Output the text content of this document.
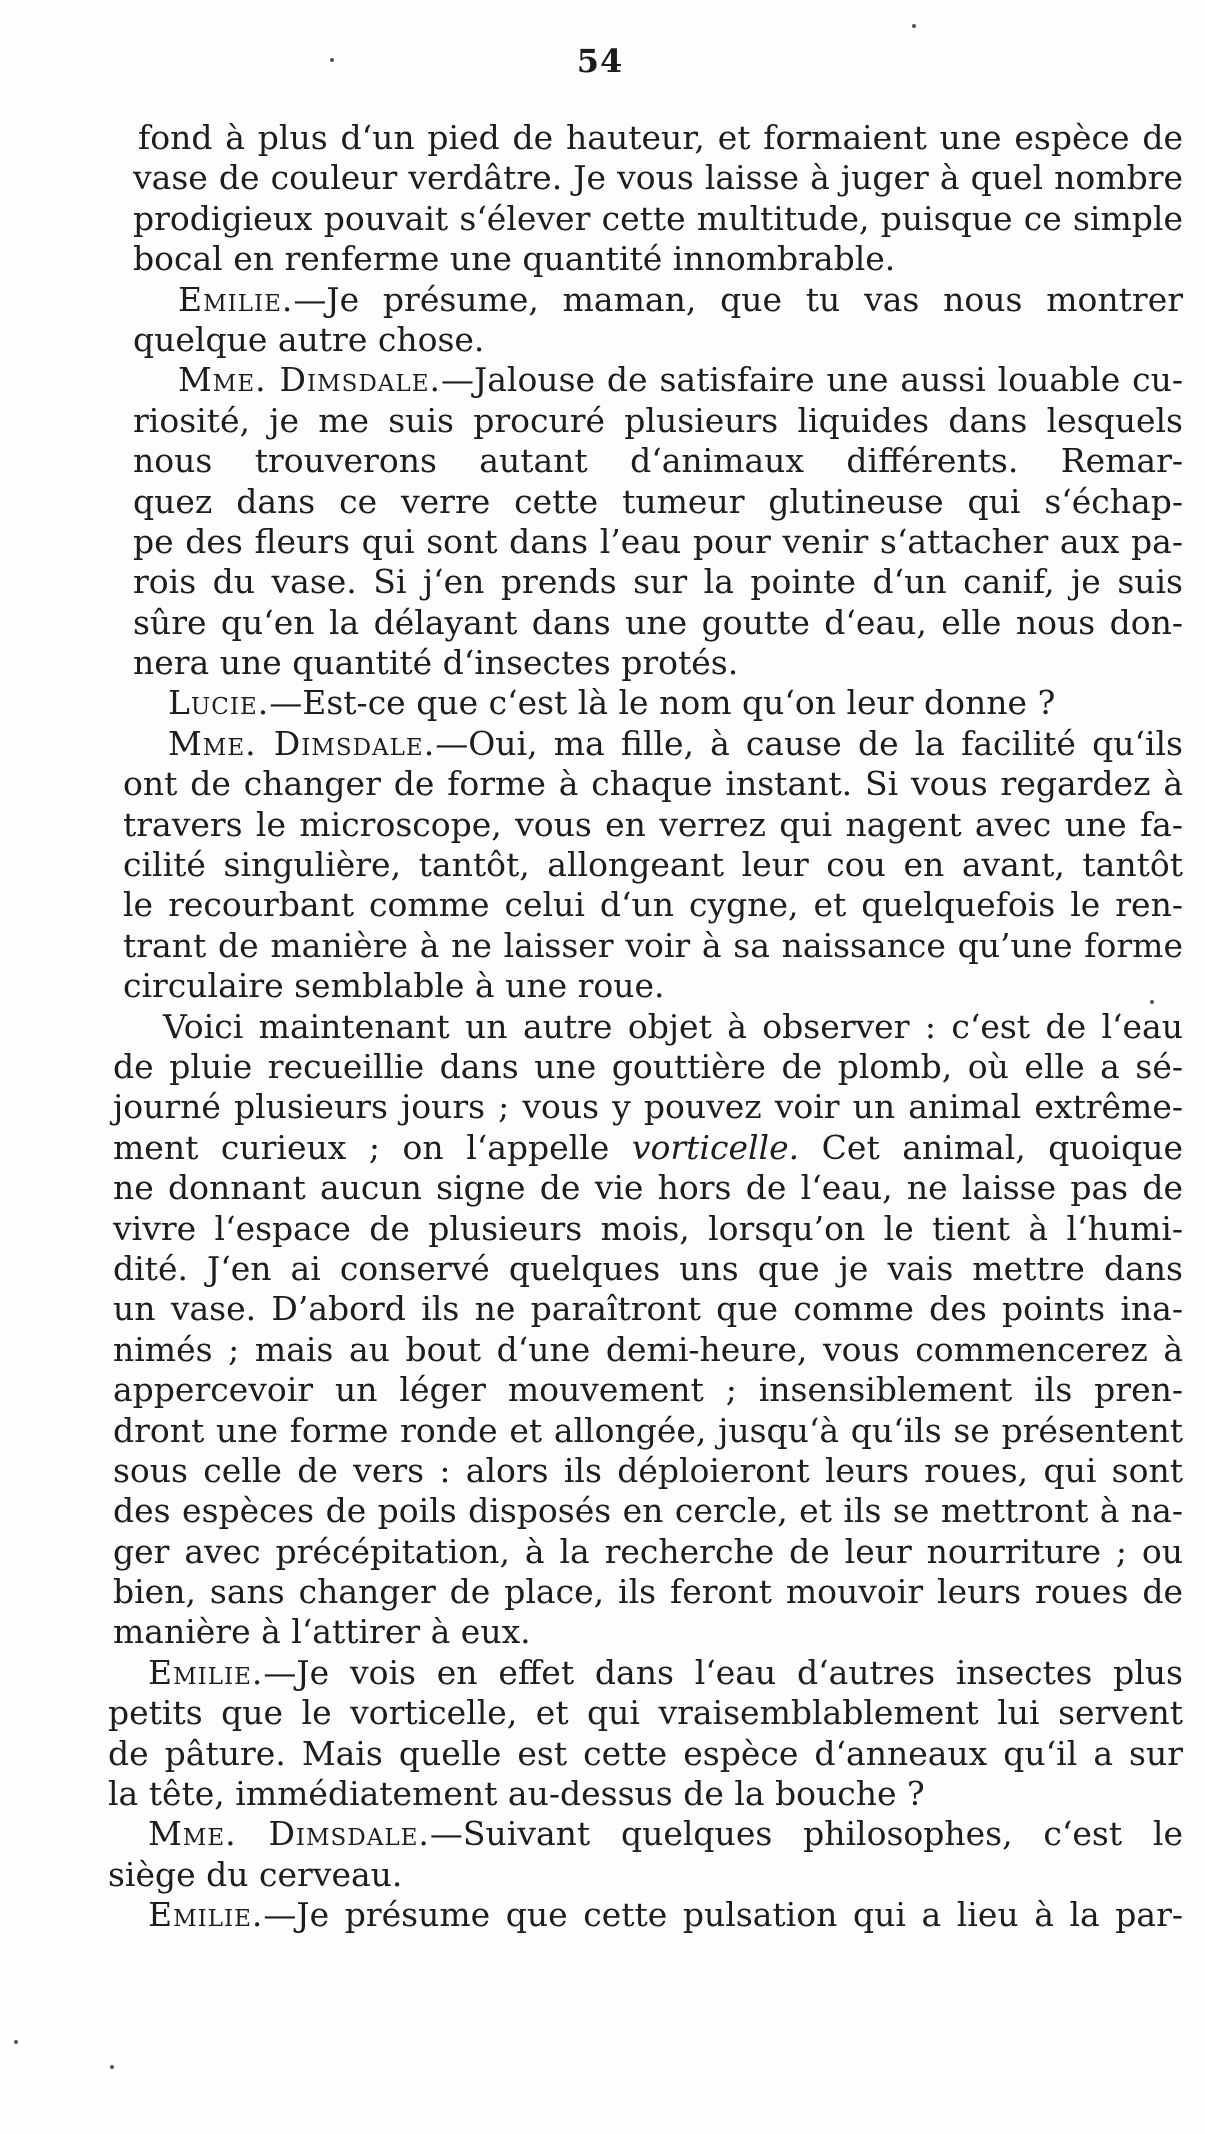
54
fond à plus d‘un pied de hauteur, et formaient une espèce de
vase de couleur verdâtre. Je vous laisse à juger à quel nombre
prodigieux pouvait s‘élever cette multitude, puisque ce simple
bocal en renferme une quantité innombrable.
Emilie.—Je présume, maman, que tu vas nous montrer
quelque autre chose.
Mme. Dimsdale.—Jalouse de satisfaire une aussi louable cu-
riosité, je me suis procuré plusieurs liquides dans lesquels
nous trouverons autant d‘animaux différents. Remar-
quez dans ce verre cette tumeur glutineuse qui s‘échap-
pe des fleurs qui sont dans l’eau pour venir s‘attacher aux pa-
rois du vase. Si j‘en prends sur la pointe d‘un canif, je suis
sûre qu‘en la délayant dans une goutte d‘eau, elle nous don-
nera une quantité d‘insectes protés.
Lucie.—Est-ce que c‘est là le nom qu‘on leur donne ?
Mme. Dimsdale.—Oui, ma fille, à cause de la facilité qu‘ils
ont de changer de forme à chaque instant. Si vous regardez à
travers le microscope, vous en verrez qui nagent avec une fa-
cilité singulière, tantôt, allongeant leur cou en avant, tantôt
le recourbant comme celui d‘un cygne, et quelquefois le ren-
trant de manière à ne laisser voir à sa naissance qu’une forme
circulaire semblable à une roue.
Voici maintenant un autre objet à observer : c‘est de l‘eau
de pluie recueillie dans une gouttière de plomb, où elle a sé-
journé plusieurs jours ; vous y pouvez voir un animal extrême-
ment curieux ; on l‘appelle vorticelle. Cet animal, quoique
ne donnant aucun signe de vie hors de l‘eau, ne laisse pas de
vivre l‘espace de plusieurs mois, lorsqu’on le tient à l‘humi-
dité. J‘en ai conservé quelques uns que je vais mettre dans
un vase. D’abord ils ne paraîtront que comme des points ina-
nimés ; mais au bout d‘une demi-heure, vous commencerez à
appercevoir un léger mouvement ; insensiblement ils pren-
dront une forme ronde et allongée, jusqu‘à qu‘ils se présentent
sous celle de vers : alors ils déploieront leurs roues, qui sont
des espèces de poils disposés en cercle, et ils se mettront à na-
ger avec précépitation, à la recherche de leur nourriture ; ou
bien, sans changer de place, ils feront mouvoir leurs roues de
manière à l‘attirer à eux.
Emilie.—Je vois en effet dans l‘eau d‘autres insectes plus
petits que le vorticelle, et qui vraisemblablement lui servent
de pâture. Mais quelle est cette espèce d‘anneaux qu‘il a sur
la tête, immédiatement au-dessus de la bouche ?
Mme. Dimsdale.—Suivant quelques philosophes, c‘est le
siège du cerveau.
Emilie.—Je présume que cette pulsation qui a lieu à la par-
